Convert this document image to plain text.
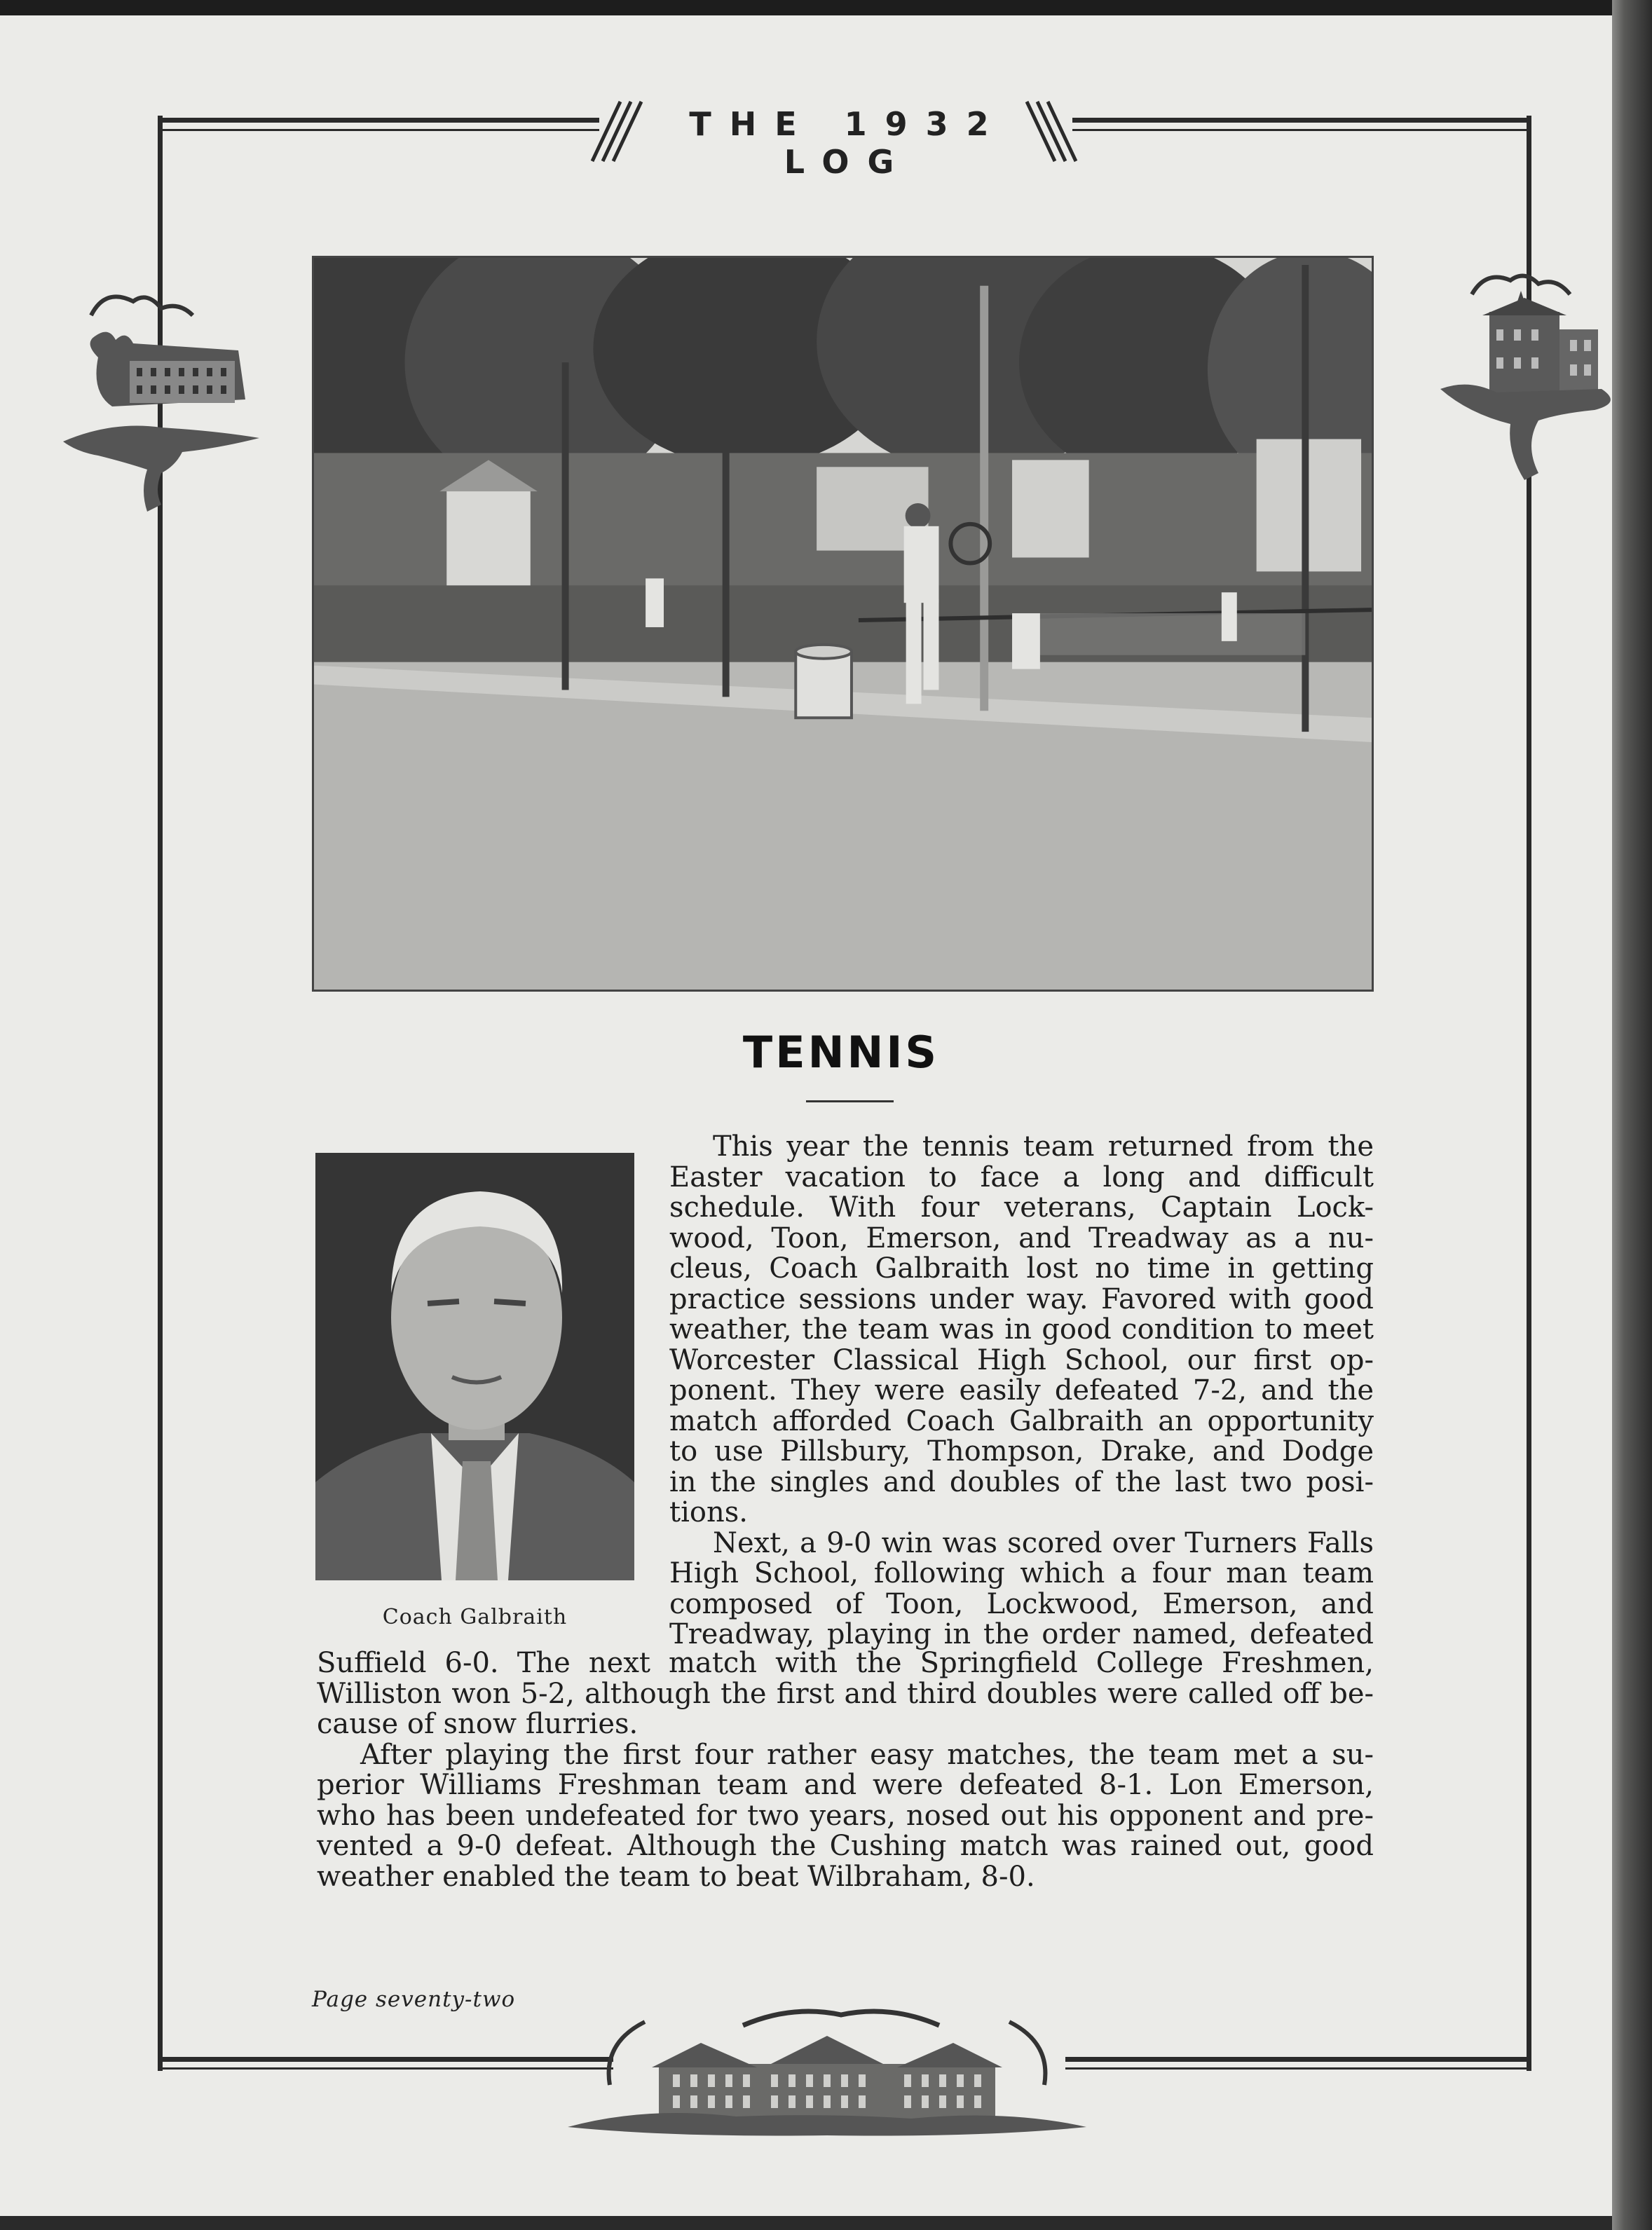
THE 1932 LOG
TENNIS
Coach Galbraith
This year the tennis team returned from the
Easter vacation to face a long and difficult
schedule. With four veterans, Captain Lock-
wood, Toon, Emerson, and Treadway as a nu-
cleus, Coach Galbraith lost no time in getting
practice sessions under way. Favored with good
weather, the team was in good condition to meet
Worcester Classical High School, our first op-
ponent. They were easily defeated 7-2, and the
match afforded Coach Galbraith an opportunity
to use Pillsbury, Thompson, Drake, and Dodge
in the singles and doubles of the last two posi-
tions.
Next, a 9-0 win was scored over Turners Falls
High School, following which a four man team
composed of Toon, Lockwood, Emerson, and
Treadway, playing in the order named, defeated
Suffield 6-0. The next match with the Springfield College Freshmen,
Williston won 5-2, although the first and third doubles were called off be-
cause of snow flurries.
After playing the first four rather easy matches, the team met a su-
perior Williams Freshman team and were defeated 8-1. Lon Emerson,
who has been undefeated for two years, nosed out his opponent and pre-
vented a 9-0 defeat. Although the Cushing match was rained out, good
weather enabled the team to beat Wilbraham, 8-0.
Page seventy-two
